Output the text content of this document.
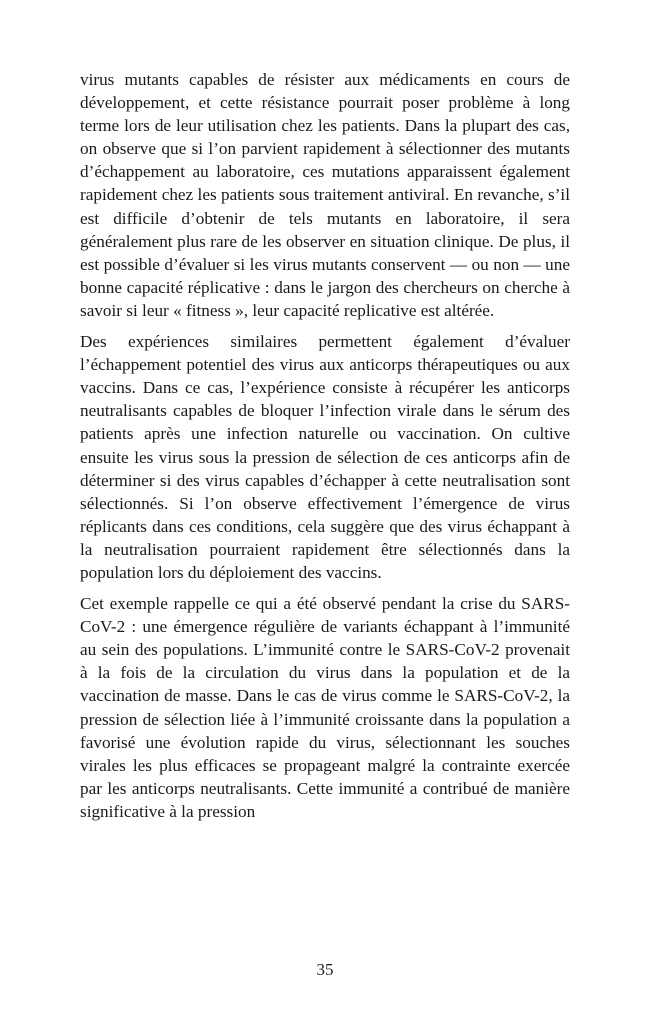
virus mutants capables de résister aux médicaments en cours de développement, et cette résistance pourrait poser problème à long terme lors de leur utilisation chez les patients. Dans la plupart des cas, on observe que si l’on parvient rapidement à sélectionner des mutants d’échappement au laboratoire, ces mutations apparaissent également rapidement chez les patients sous traitement antiviral. En revanche, s’il est difficile d’obtenir de tels mutants en laboratoire, il sera généralement plus rare de les observer en situation clinique. De plus, il est possible d’évaluer si les virus mutants conservent — ou non — une bonne capacité réplicative : dans le jargon des chercheurs on cherche à savoir si leur « fitness », leur capacité replicative est altérée.

Des expériences similaires permettent également d’évaluer l’échappement potentiel des virus aux anticorps thérapeutiques ou aux vaccins. Dans ce cas, l’expérience consiste à récupérer les anticorps neutralisants capables de bloquer l’infection virale dans le sérum des patients après une infection naturelle ou vaccination. On cultive ensuite les virus sous la pression de sélection de ces anticorps afin de déterminer si des virus capables d’échapper à cette neutralisation sont sélectionnés. Si l’on observe effectivement l’émergence de virus réplicants dans ces conditions, cela suggère que des virus échappant à la neutralisation pourraient rapidement être sélectionnés dans la population lors du déploiement des vaccins.

Cet exemple rappelle ce qui a été observé pendant la crise du SARS-CoV-2 : une émergence régulière de variants échappant à l’immunité au sein des populations. L’immunité contre le SARS-CoV-2 provenait à la fois de la circulation du virus dans la population et de la vaccination de masse. Dans le cas de virus comme le SARS-CoV-2, la pression de sélection liée à l’immunité croissante dans la population a favorisé une évolution rapide du virus, sélectionnant les souches virales les plus efficaces se propageant malgré la contrainte exercée par les anticorps neutralisants. Cette immunité a contribué de manière significative à la pression

35
